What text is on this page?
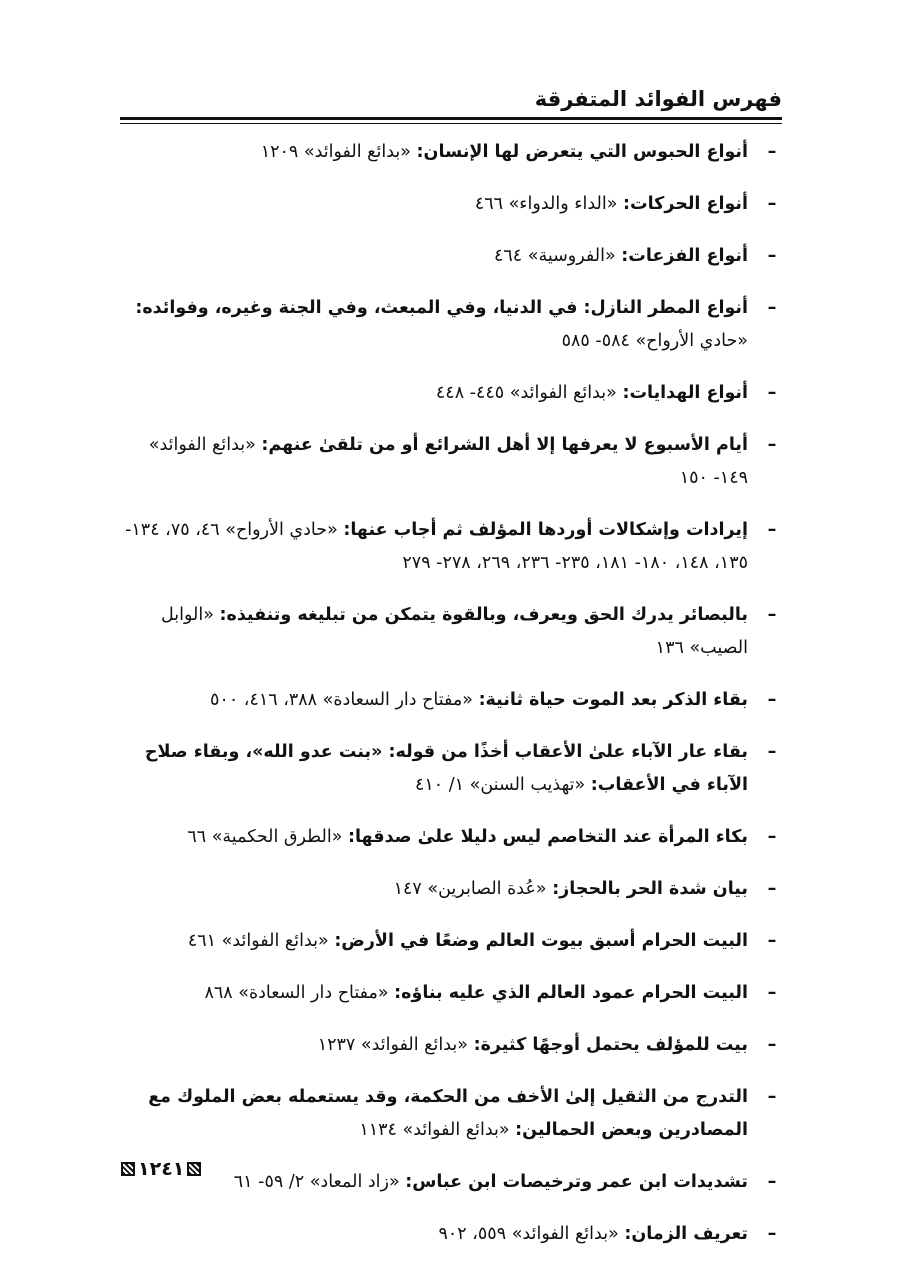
فهرس الفوائد المتفرقة
–
أنواع الحبوس التي يتعرض لها الإنسان: «بدائع الفوائد» ١٢٠٩
–
أنواع الحركات: «الداء والدواء» ٤٦٦
–
أنواع الفزعات: «الفروسية» ٤٦٤
–
أنواع المطر النازل: في الدنيا، وفي المبعث، وفي الجنة وغيره، وفوائده: «حادي الأرواح» ٥٨٤- ٥٨٥
–
أنواع الهدايات: «بدائع الفوائد» ٤٤٥- ٤٤٨
–
أيام الأسبوع لا يعرفها إلا أهل الشرائع أو من تلقىٰ عنهم: «بدائع الفوائد» ١٤٩- ١٥٠
–
إيرادات وإشكالات أوردها المؤلف ثم أجاب عنها: «حادي الأرواح» ٤٦، ٧٥، ١٣٤- ١٣٥، ١٤٨، ١٨٠- ١٨١، ٢٣٥- ٢٣٦، ٢٦٩، ٢٧٨- ٢٧٩
–
بالبصائر يدرك الحق ويعرف، وبالقوة يتمكن من تبليغه وتنفيذه: «الوابل الصيب» ١٣٦
–
بقاء الذكر بعد الموت حياة ثانية: «مفتاح دار السعادة» ٣٨٨، ٤١٦، ٥٠٠
–
بقاء عار الآباء علىٰ الأعقاب أخذًا من قوله: «بنت عدو الله»، وبقاء صلاح الآباء في الأعقاب: «تهذيب السنن» ١/ ٤١٠
–
بكاء المرأة عند التخاصم ليس دليلا علىٰ صدقها: «الطرق الحكمية» ٦٦
–
بيان شدة الحر بالحجاز: «عُدة الصابرين» ١٤٧
–
البيت الحرام أسبق بيوت العالم وضعًا في الأرض: «بدائع الفوائد» ٤٦١
–
البيت الحرام عمود العالم الذي عليه بناؤه: «مفتاح دار السعادة» ٨٦٨
–
بيت للمؤلف يحتمل أوجهًا كثيرة: «بدائع الفوائد» ١٢٣٧
–
التدرج من الثقيل إلىٰ الأخف من الحكمة، وقد يستعمله بعض الملوك مع المصادرين وبعض الحمالين: «بدائع الفوائد» ١١٣٤
–
تشديدات ابن عمر وترخيصات ابن عباس: «زاد المعاد» ٢/ ٥٩- ٦١
–
تعريف الزمان: «بدائع الفوائد» ٥٥٩، ٩٠٢
١٢٤١
